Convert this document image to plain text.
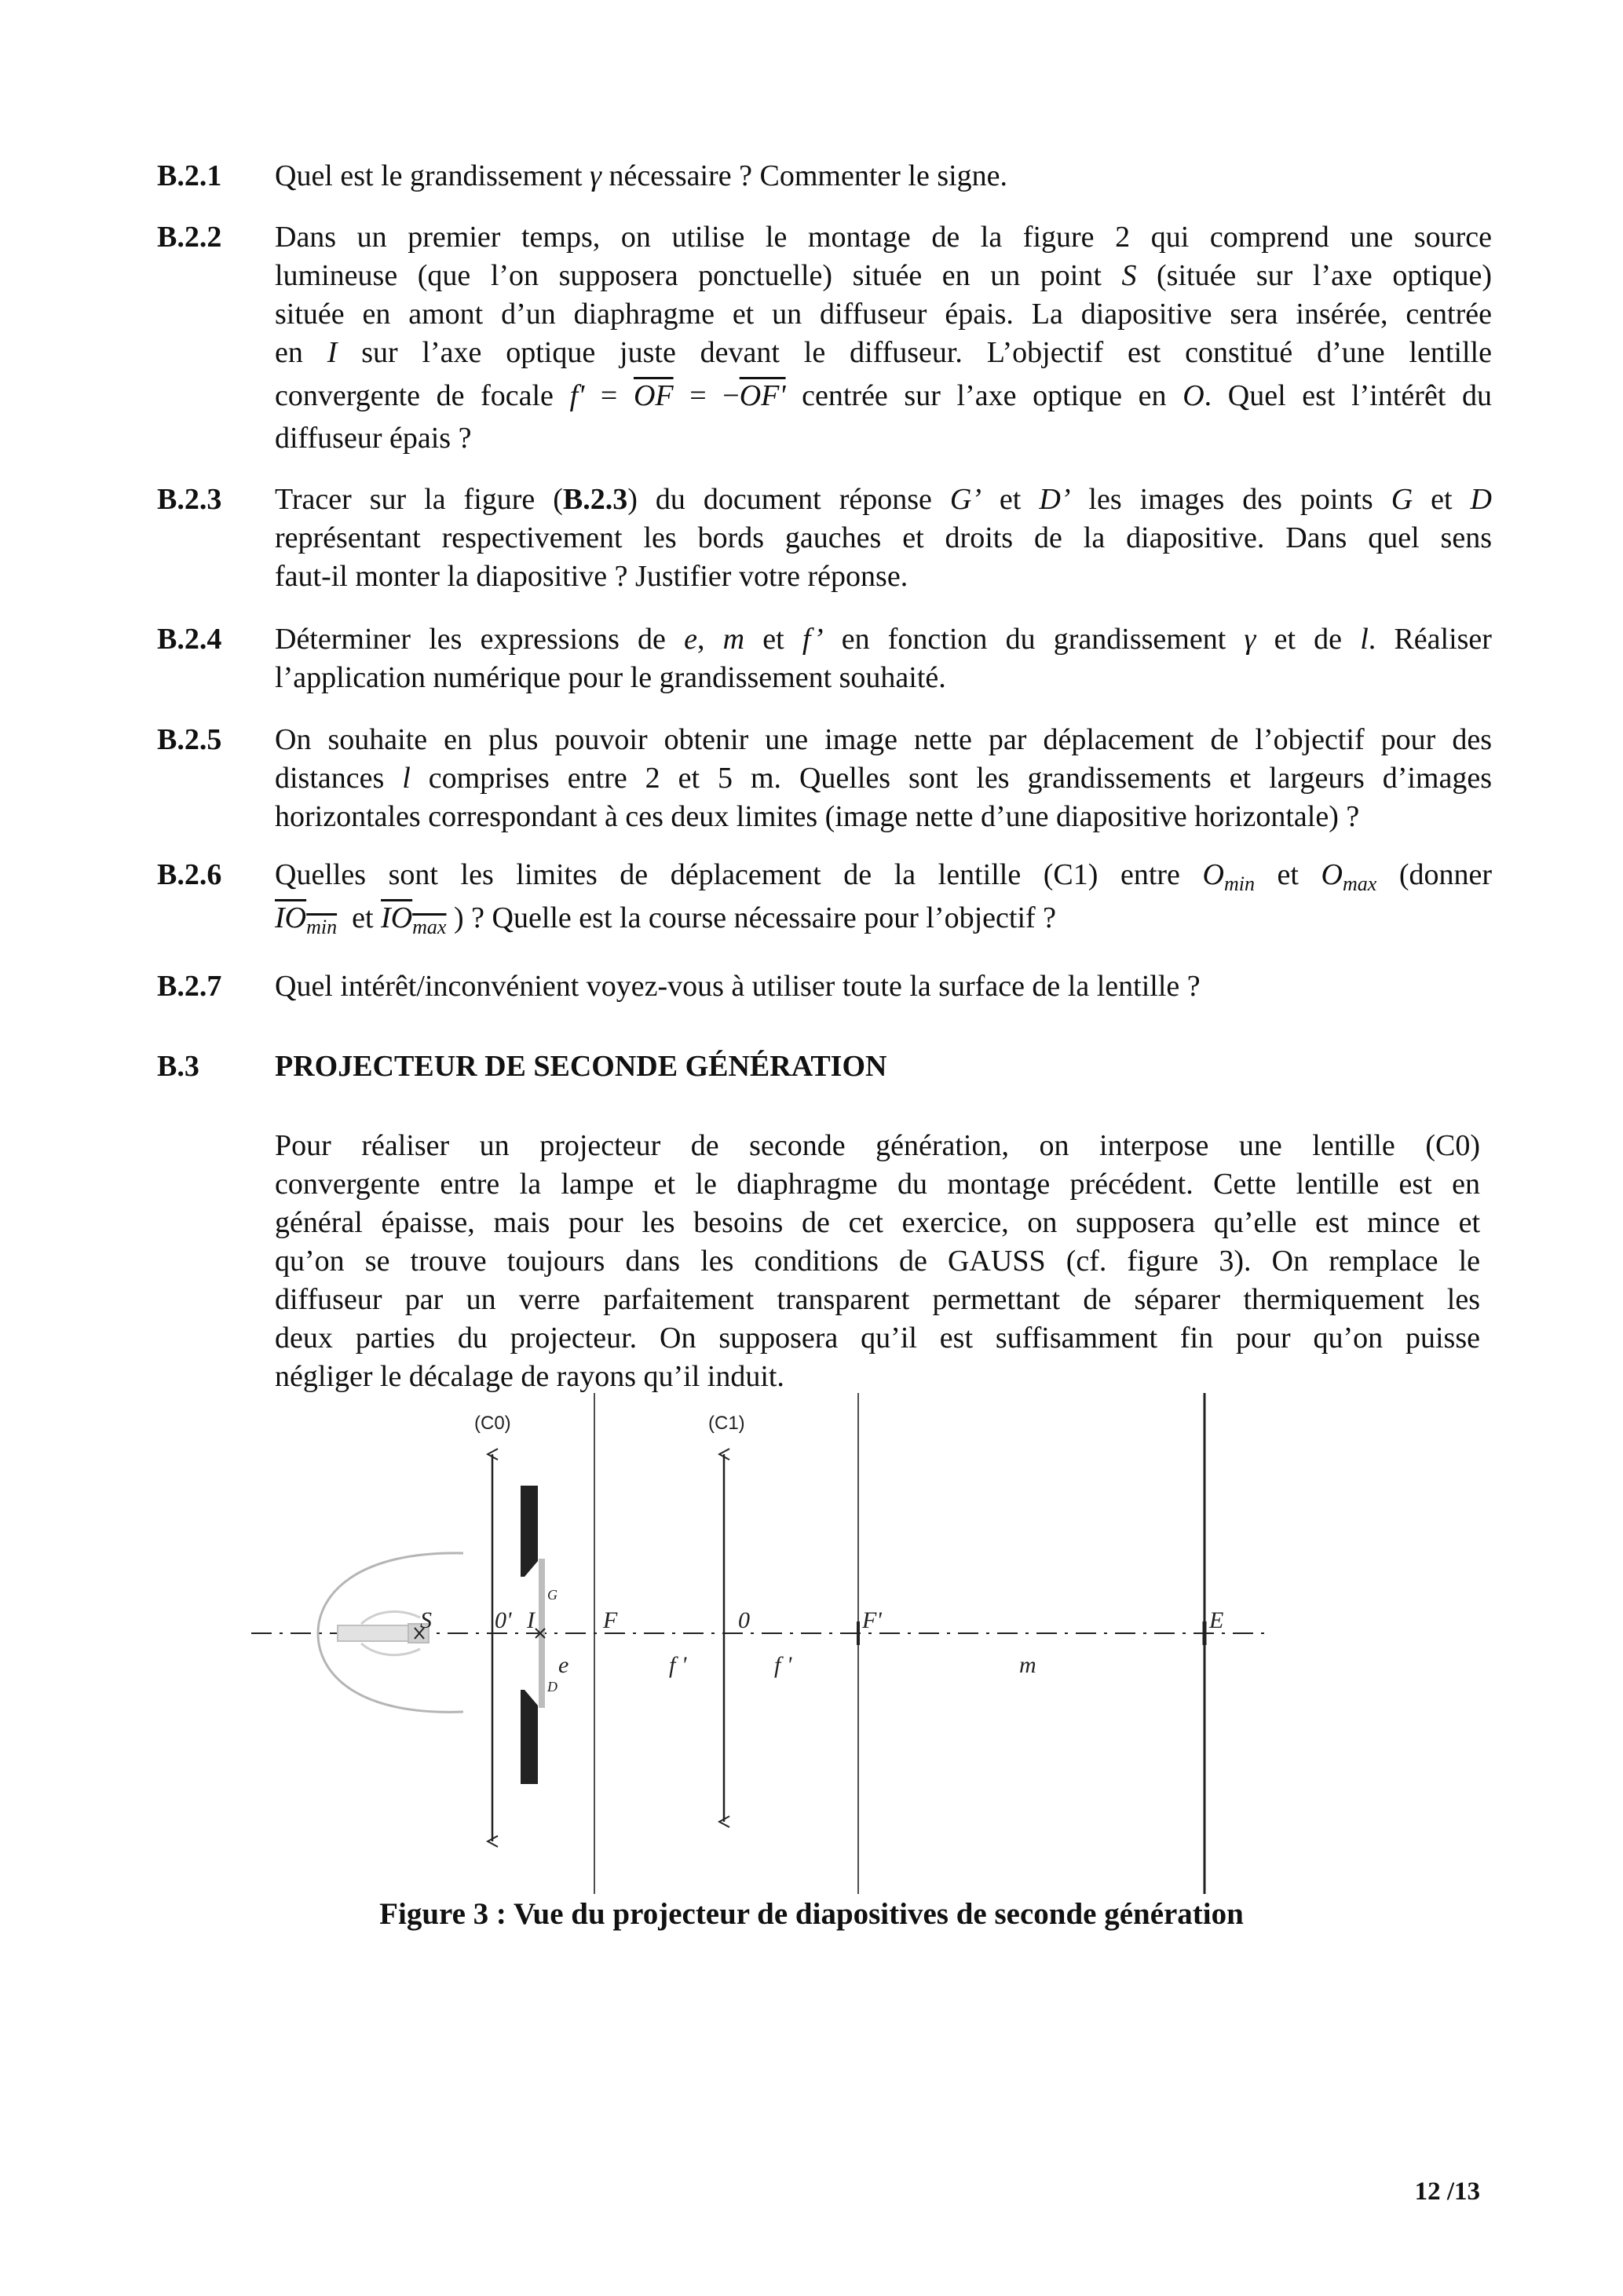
B.2.1	Quel est le grandissement γ nécessaire ? Commenter le signe.
B.2.2	Dans un premier temps, on utilise le montage de la figure 2 qui comprend une source
lumineuse (que l’on supposera ponctuelle) située en un point S (située sur l’axe optique)
située en amont d’un diaphragme et un diffuseur épais. La diapositive sera insérée, centrée
en I sur l’axe optique juste devant le diffuseur. L’objectif est constitué d’une lentille
convergente de focale $f' = \overline{OF} = -OF'$ centrée sur l’axe optique en O. Quel est l’intérêt du
diffuseur épais ?
B.2.3	Tracer sur la figure (B.2.3) du document réponse G’ et D’ les images des points G et D
représentant respectivement les bords gauches et droits de la diapositive. Dans quel sens
faut-il monter la diapositive ? Justifier votre réponse.
B.2.4	Déterminer les expressions de e, m et f’ en fonction du grandissement γ et de l. Réaliser
l’application numérique pour le grandissement souhaité.
B.2.5	On souhaite en plus pouvoir obtenir une image nette par déplacement de l’objectif pour des
distances l comprises entre 2 et 5 m. Quelles sont les grandissements et largeurs d’images
horizontales correspondant à ces deux limites (image nette d’une diapositive horizontale) ?
B.2.6	Quelles sont les limites de déplacement de la lentille (C1) entre $O_{min}$ et $O_{max}$ (donner
$IO_{min}$  et $IO_{max}$ ) ? Quelle est la course nécessaire pour l’objectif ?
B.2.7	Quel intérêt/inconvénient voyez-vous à utiliser toute la surface de la lentille ?
B.3	PROJECTEUR DE SECONDE GÉNÉRATION
Pour réaliser un projecteur de seconde génération, on interpose une lentille (C0)
convergente entre la lampe et le diaphragme du montage précédent. Cette lentille est en
général épaisse, mais pour les besoins de cet exercice, on supposera qu’elle est mince et
qu’on se trouve toujours dans les conditions de GAUSS (cf. figure 3). On remplace le
diffuseur par un verre parfaitement transparent permettant de séparer thermiquement les
deux parties du projecteur. On supposera qu’il est suffisamment fin pour qu’on puisse
négliger le décalage de rayons qu’il induit.
(C0)	(C1)
S	0' I	F	0	F'	E
G
D
e	f '	f '	m
Figure 3 : Vue du projecteur de diapositives de seconde génération
12 /13
